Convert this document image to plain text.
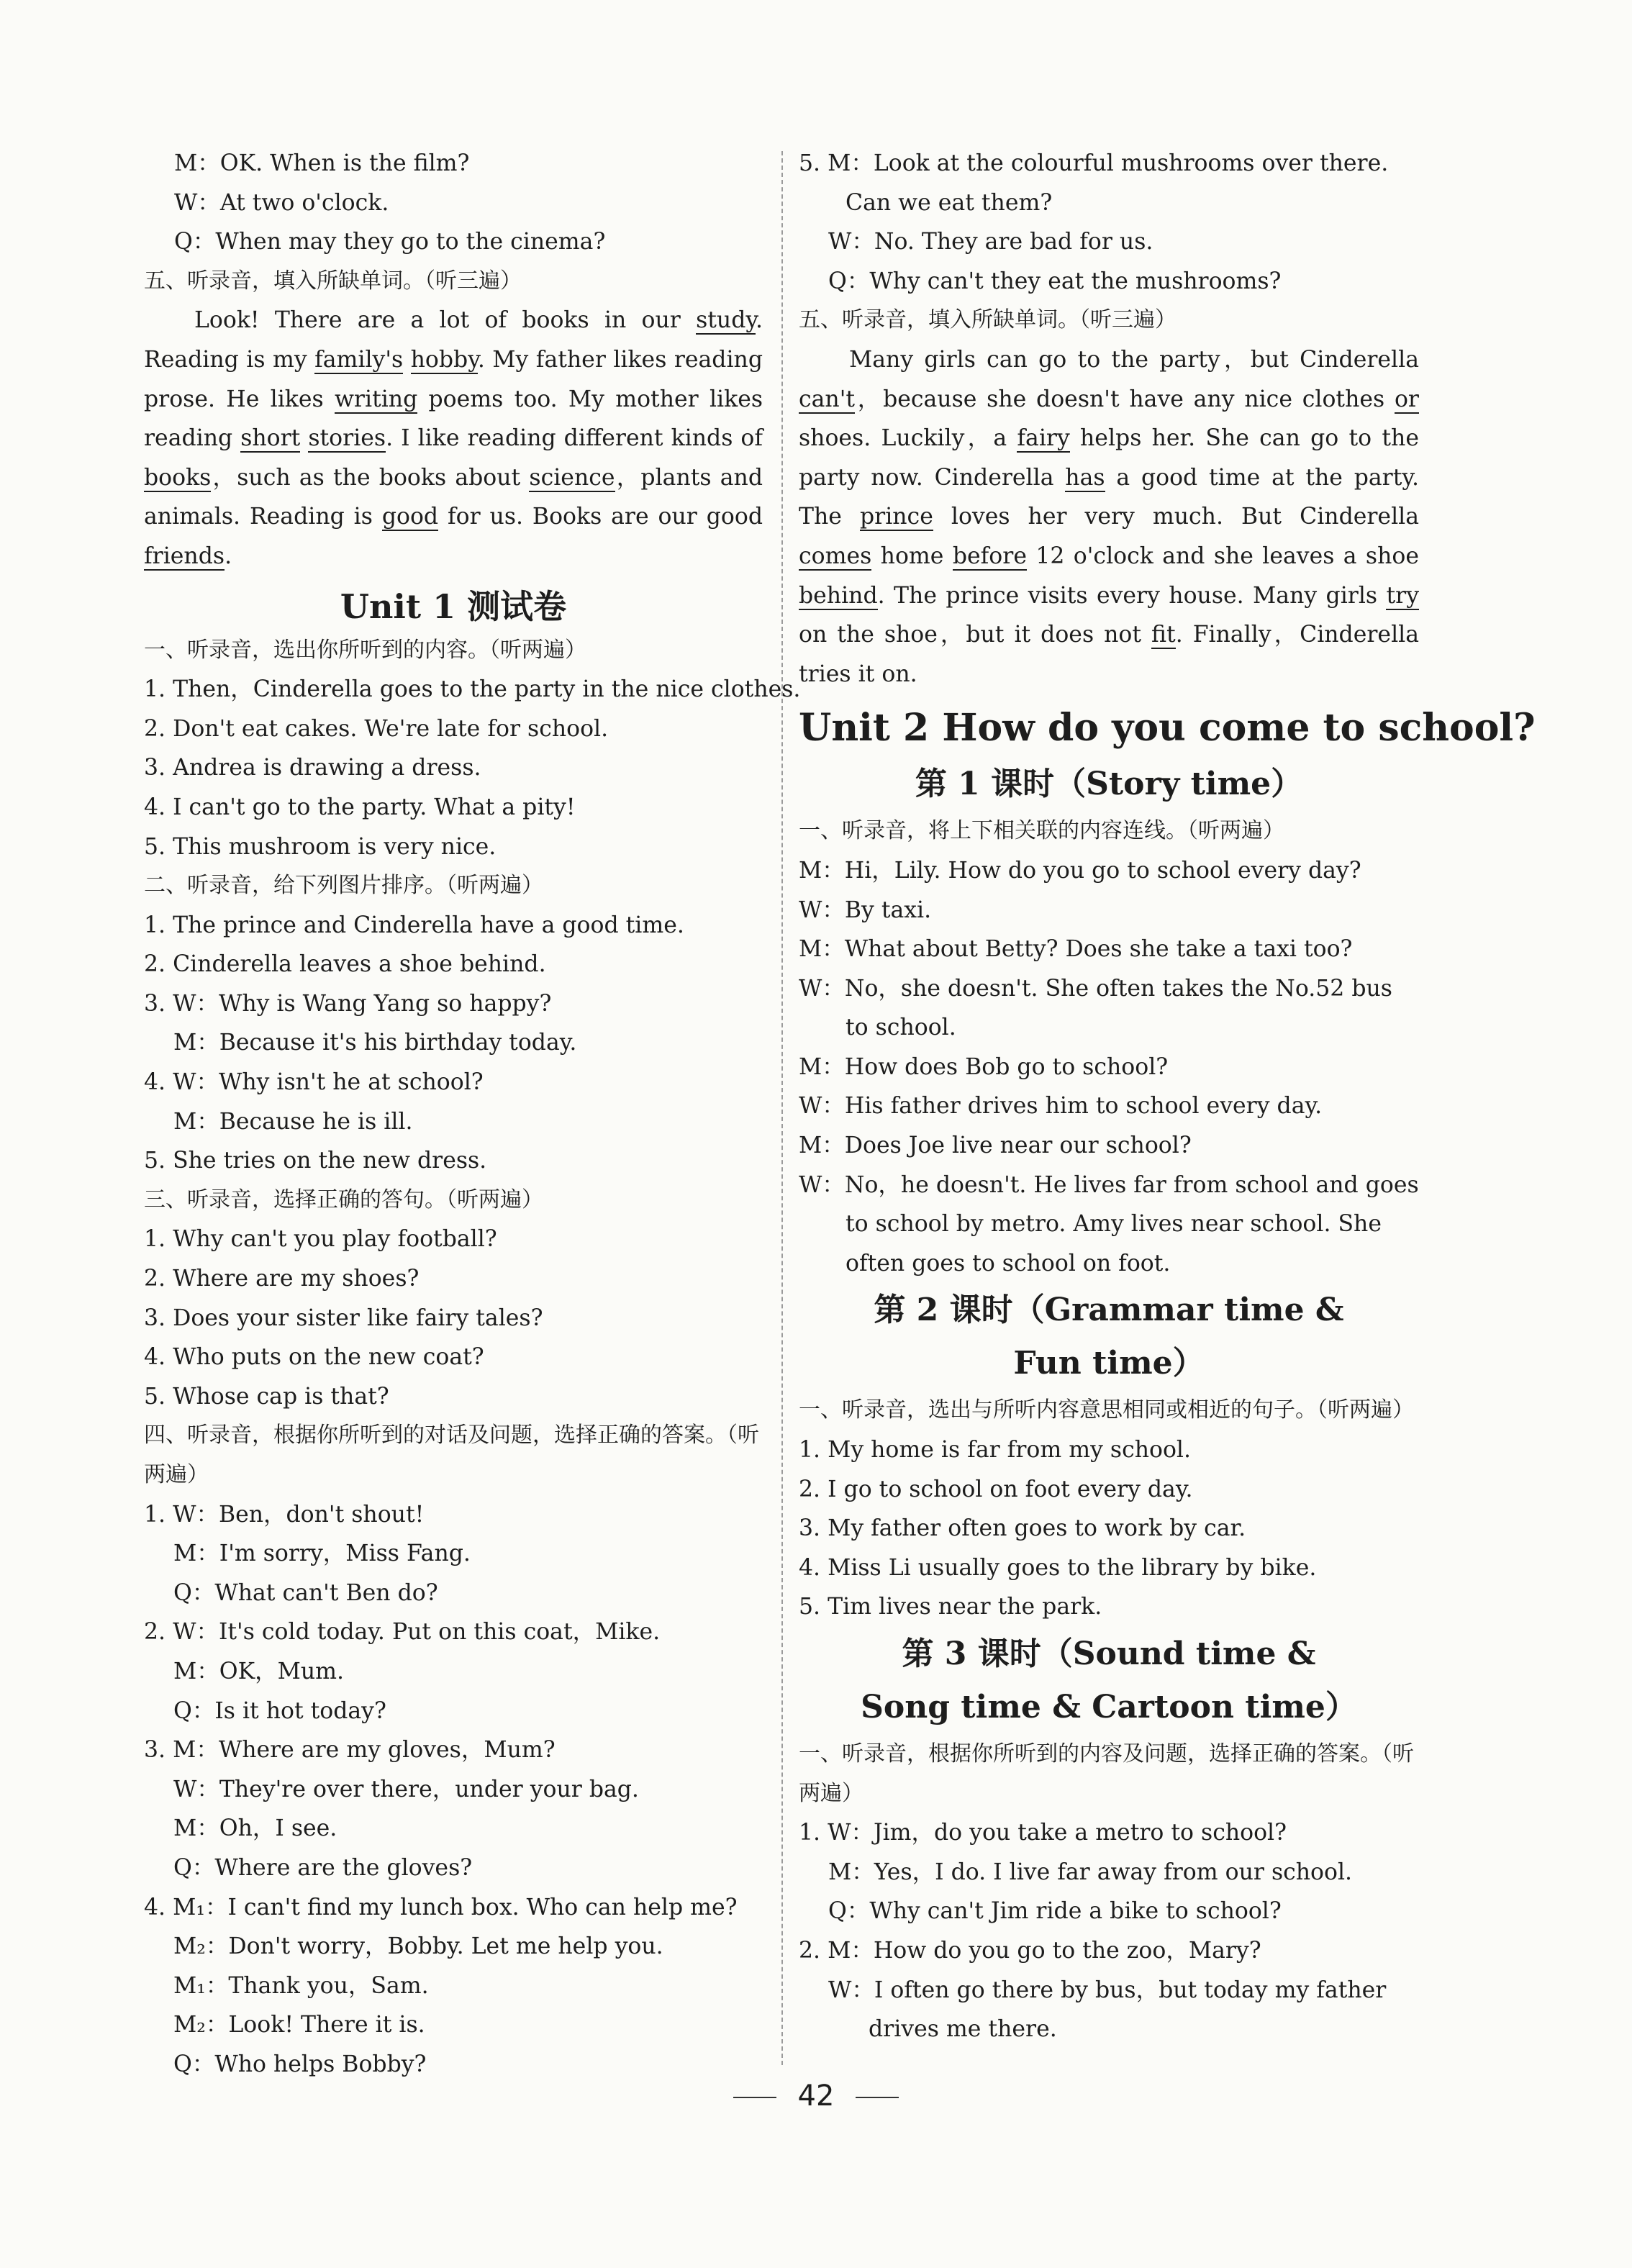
M：OK. When is the film?
W：At two o'clock.
Q：When may they go to the cinema?
五、听录音，填入所缺单词。（听三遍）
Look! There are a lot of books in our study. Reading is my family's hobby. My father likes reading prose. He likes writing poems too. My mother likes reading short stories. I like reading different kinds of books，such as the books about science，plants and animals. Reading is good for us. Books are our good friends.
Unit 1 测试卷
一、听录音，选出你所听到的内容。（听两遍）
1. Then，Cinderella goes to the party in the nice clothes.
2. Don't eat cakes. We're late for school.
3. Andrea is drawing a dress.
4. I can't go to the party. What a pity!
5. This mushroom is very nice.
二、听录音，给下列图片排序。（听两遍）
1. The prince and Cinderella have a good time.
2. Cinderella leaves a shoe behind.
3. W：Why is Wang Yang so happy?
M：Because it's his birthday today.
4. W：Why isn't he at school?
M：Because he is ill.
5. She tries on the new dress.
三、听录音，选择正确的答句。（听两遍）
1. Why can't you play football?
2. Where are my shoes?
3. Does your sister like fairy tales?
4. Who puts on the new coat?
5. Whose cap is that?
四、听录音，根据你所听到的对话及问题，选择正确的答案。（听两遍）
1. W：Ben，don't shout!
M：I'm sorry，Miss Fang.
Q：What can't Ben do?
2. W：It's cold today. Put on this coat，Mike.
M：OK，Mum.
Q：Is it hot today?
3. M：Where are my gloves，Mum?
W：They're over there，under your bag.
M：Oh，I see.
Q：Where are the gloves?
4. M₁：I can't find my lunch box. Who can help me?
M₂：Don't worry，Bobby. Let me help you.
M₁：Thank you，Sam.
M₂：Look! There it is.
Q：Who helps Bobby?
5. M：Look at the colourful mushrooms over there. Can we eat them?
W：No. They are bad for us.
Q：Why can't they eat the mushrooms?
五、听录音，填入所缺单词。（听三遍）
Many girls can go to the party，but Cinderella can't，because she doesn't have any nice clothes or shoes. Luckily，a fairy helps her. She can go to the party now. Cinderella has a good time at the party. The prince loves her very much. But Cinderella comes home before 12 o'clock and she leaves a shoe behind. The prince visits every house. Many girls try on the shoe，but it does not fit. Finally，Cinderella tries it on.
Unit 2 How do you come to school?
第 1 课时（Story time）
一、听录音，将上下相关联的内容连线。（听两遍）
M：Hi，Lily. How do you go to school every day?
W：By taxi.
M：What about Betty? Does she take a taxi too?
W：No，she doesn't. She often takes the No.52 bus to school.
M：How does Bob go to school?
W：His father drives him to school every day.
M：Does Joe live near our school?
W：No，he doesn't. He lives far from school and goes to school by metro. Amy lives near school. She often goes to school on foot.
第 2 课时（Grammar time &
Fun time）
一、听录音，选出与所听内容意思相同或相近的句子。（听两遍）
1. My home is far from my school.
2. I go to school on foot every day.
3. My father often goes to work by car.
4. Miss Li usually goes to the library by bike.
5. Tim lives near the park.
第 3 课时（Sound time &
Song time & Cartoon time）
一、听录音，根据你所听到的内容及问题，选择正确的答案。（听两遍）
1. W：Jim，do you take a metro to school?
M：Yes，I do. I live far away from our school.
Q：Why can't Jim ride a bike to school?
2. M：How do you go to the zoo，Mary?
W：I often go there by bus，but today my father drives me there.
42
